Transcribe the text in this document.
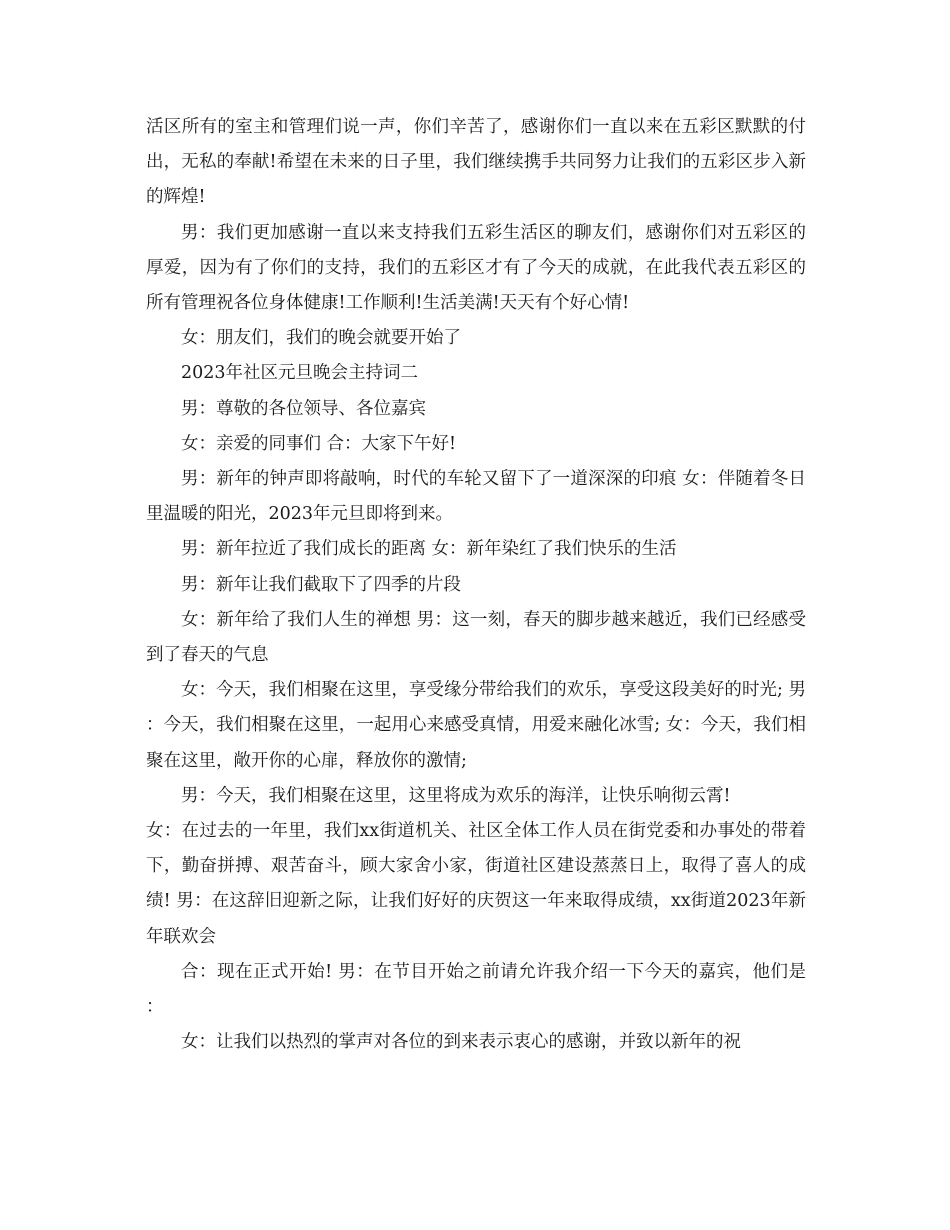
活区所有的室主和管理们说一声，你们辛苦了，感谢你们一直以来在五彩区默默的付出，无私的奉献!希望在未来的日子里，我们继续携手共同努力让我们的五彩区步入新的辉煌!

男：我们更加感谢一直以来支持我们五彩生活区的聊友们，感谢你们对五彩区的厚爱，因为有了你们的支持，我们的五彩区才有了今天的成就，在此我代表五彩区的所有管理祝各位身体健康!工作顺利!生活美满!天天有个好心情!

女：朋友们，我们的晚会就要开始了

2023年社区元旦晚会主持词二

男：尊敬的各位领导、各位嘉宾

女：亲爱的同事们 合：大家下午好!

男：新年的钟声即将敲响，时代的车轮又留下了一道深深的印痕 女：伴随着冬日里温暖的阳光，2023年元旦即将到来。

男：新年拉近了我们成长的距离 女：新年染红了我们快乐的生活

男：新年让我们截取下了四季的片段

女：新年给了我们人生的禅想 男：这一刻，春天的脚步越来越近，我们已经感受到了春天的气息

女：今天，我们相聚在这里，享受缘分带给我们的欢乐，享受这段美好的时光; 男：今天，我们相聚在这里，一起用心来感受真情，用爱来融化冰雪; 女：今天，我们相聚在这里，敞开你的心扉，释放你的激情;

男：今天，我们相聚在这里，这里将成为欢乐的海洋，让快乐响彻云霄!

女：在过去的一年里，我们xx街道机关、社区全体工作人员在街党委和办事处的带着下，勤奋拼搏、艰苦奋斗，顾大家舍小家，街道社区建设蒸蒸日上，取得了喜人的成绩! 男：在这辞旧迎新之际，让我们好好的庆贺这一年来取得成绩，xx街道2023年新年联欢会

合：现在正式开始! 男：在节目开始之前请允许我介绍一下今天的嘉宾，他们是：

女：让我们以热烈的掌声对各位的到来表示衷心的感谢，并致以新年的祝
